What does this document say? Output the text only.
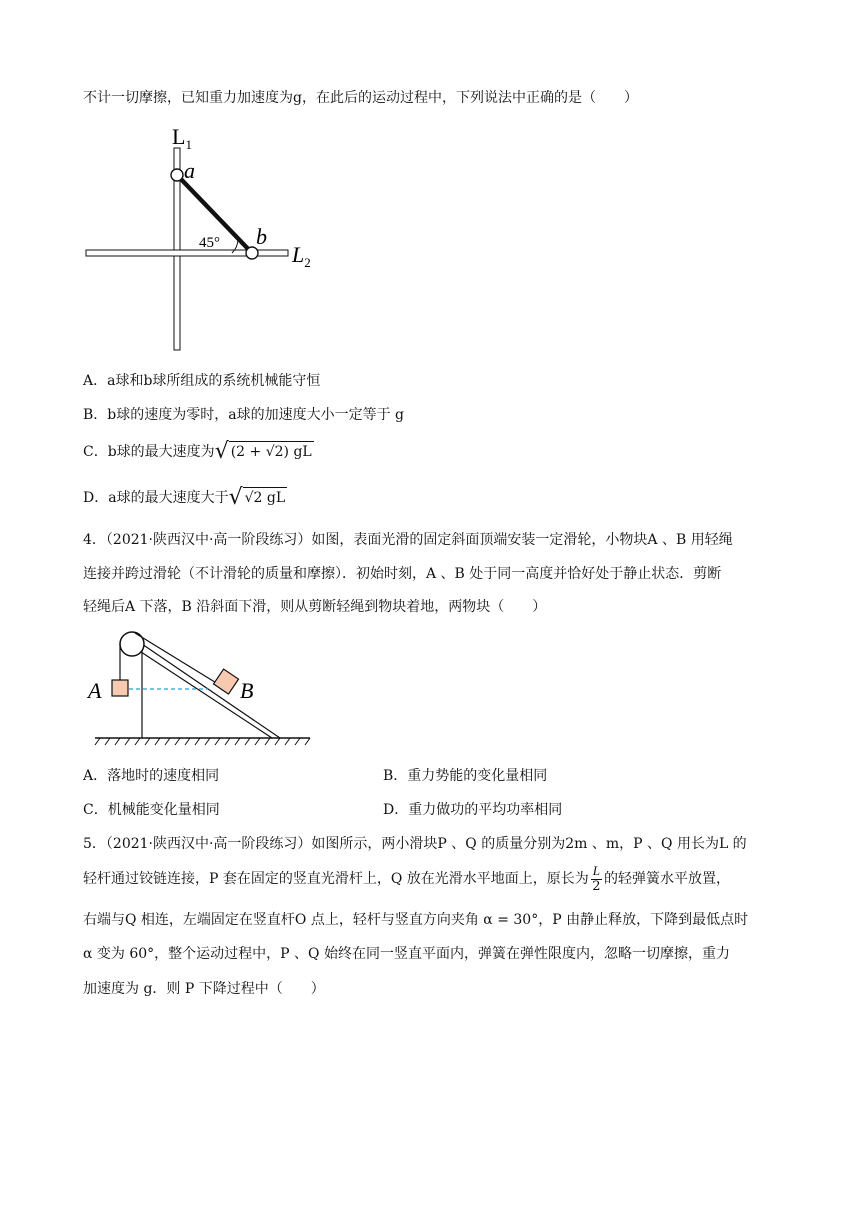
不计一切摩擦，已知重力加速度为g，在此后的运动过程中，下列说法中正确的是（　　）
$L_1$
a
45° b
$L_2$
A．a球和b球所组成的系统机械能守恒
B．b球的速度为零时，a球的加速度大小一定等于 g
C．b球的最大速度为 √ (2 + √2) gL
D．a球的最大速度大于 √ √2 gL
4．（2021·陕西汉中·高一阶段练习）如图，表面光滑的固定斜面顶端安装一定滑轮，小物块A 、B 用轻绳
连接并跨过滑轮（不计滑轮的质量和摩擦）．初始时刻，A 、B 处于同一高度并恰好处于静止状态．剪断
轻绳后A 下落，B 沿斜面下滑，则从剪断轻绳到物块着地，两物块（　　）
A	B
A．落地时的速度相同	B．重力势能的变化量相同
C．机械能变化量相同	D．重力做功的平均功率相同
5．（2021·陕西汉中·高一阶段练习）如图所示，两小滑块P 、Q 的质量分别为2m 、m，P 、Q 用长为L 的
轻杆通过铰链连接，P 套在固定的竖直光滑杆上，Q 放在光滑水平地面上，原长为 $\frac{L}{2}$ 的轻弹簧水平放置，
右端与Q 相连，左端固定在竖直杆O 点上，轻杆与竖直方向夹角 α = 30°，P 由静止释放，下降到最低点时
α 变为 60°，整个运动过程中，P 、Q 始终在同一竖直平面内，弹簧在弹性限度内，忽略一切摩擦，重力
加速度为 g．则 P 下降过程中（　　）
